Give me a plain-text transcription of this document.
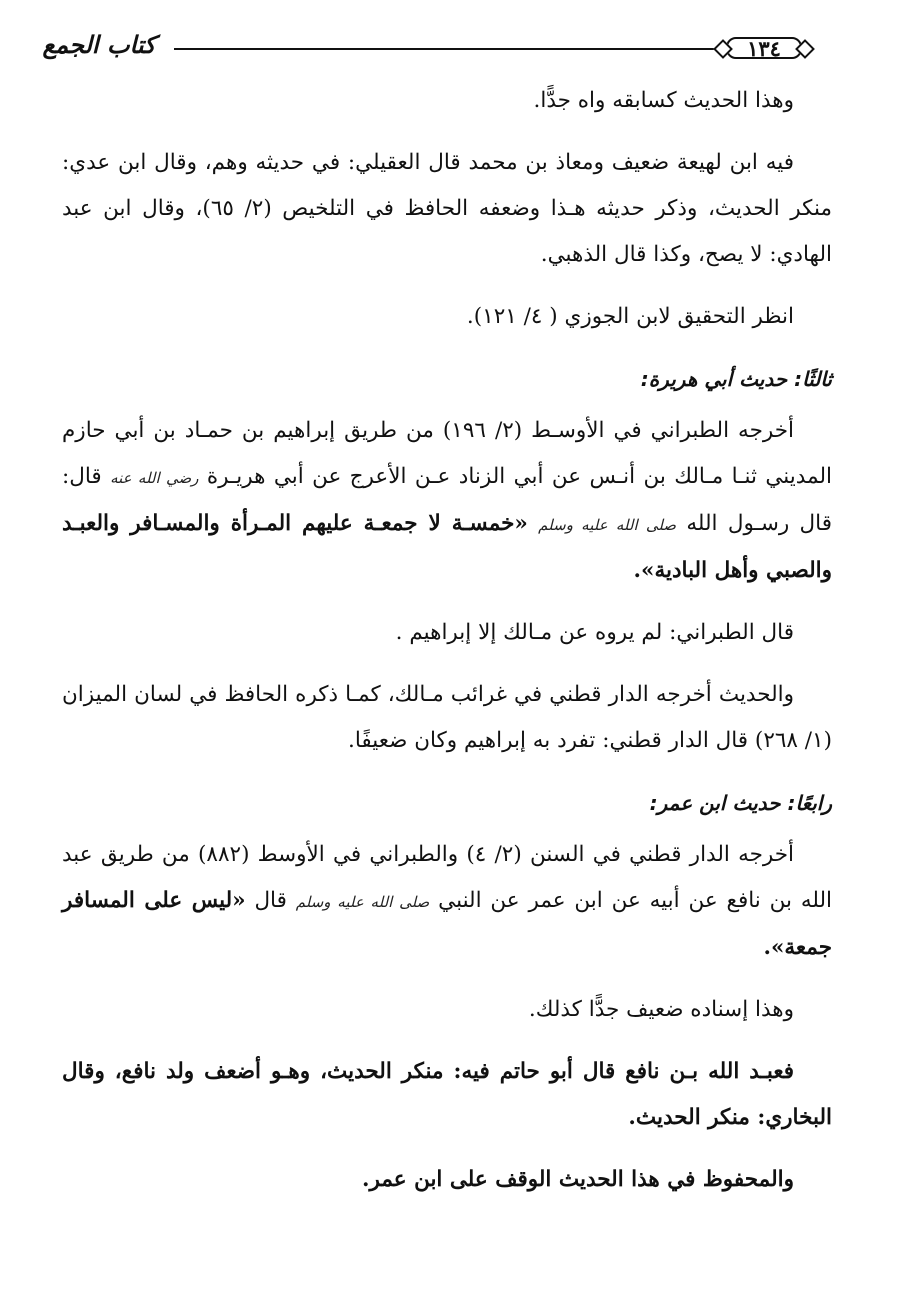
كتاب الجمع	١٣٤

وهذا الحديث كسابقه واه جدًّا.

فيه ابن لهيعة ضعيف ومعاذ بن محمد قال العقيلي: في حديثه وهم، وقال ابن عدي: منكر الحديث، وذكر حديثه هـذا وضعفه الحافظ في التلخيص (٢/ ٦٥)، وقال ابن عبد الهادي: لا يصح، وكذا قال الذهبي.

انظر التحقيق لابن الجوزي ( ٤/ ١٢١).

ثالثًا: حديث أبي هريرة:

أخرجه الطبراني في الأوسـط (٢/ ١٩٦) من طريق إبراهيم بن حمـاد بن أبي حازم المديني ثنـا مـالك بن أنـس عن أبي الزناد عـن الأعرج عن أبي هريـرة رضي الله عنه قال: قال رسـول الله صلى الله عليه وسلم «خمسـة لا جمعـة عليهم المـرأة والمسـافر والعبـد والصبي وأهل البادية».

قال الطبراني: لم يروه عن مـالك إلا إبراهيم .

والحديث أخرجه الدار قطني في غرائب مـالك، كمـا ذكره الحافظ في لسان الميزان (١/ ٢٦٨) قال الدار قطني: تفرد به إبراهيم وكان ضعيفًا.

رابعًا: حديث ابن عمر:

أخرجه الدار قطني في السنن (٢/ ٤) والطبراني في الأوسط (٨٨٢) من طريق عبد الله بن نافع عن أبيه عن ابن عمر عن النبي صلى الله عليه وسلم قال «ليس على المسافر جمعة».

وهذا إسناده ضعيف جدًّا كذلك.

فعبـد الله بـن نافع قال أبو حاتم فيه: منكر الحديث، وهـو أضعف ولد نافع، وقال البخاري: منكر الحديث.

والمحفوظ في هذا الحديث الوقف على ابن عمر.
